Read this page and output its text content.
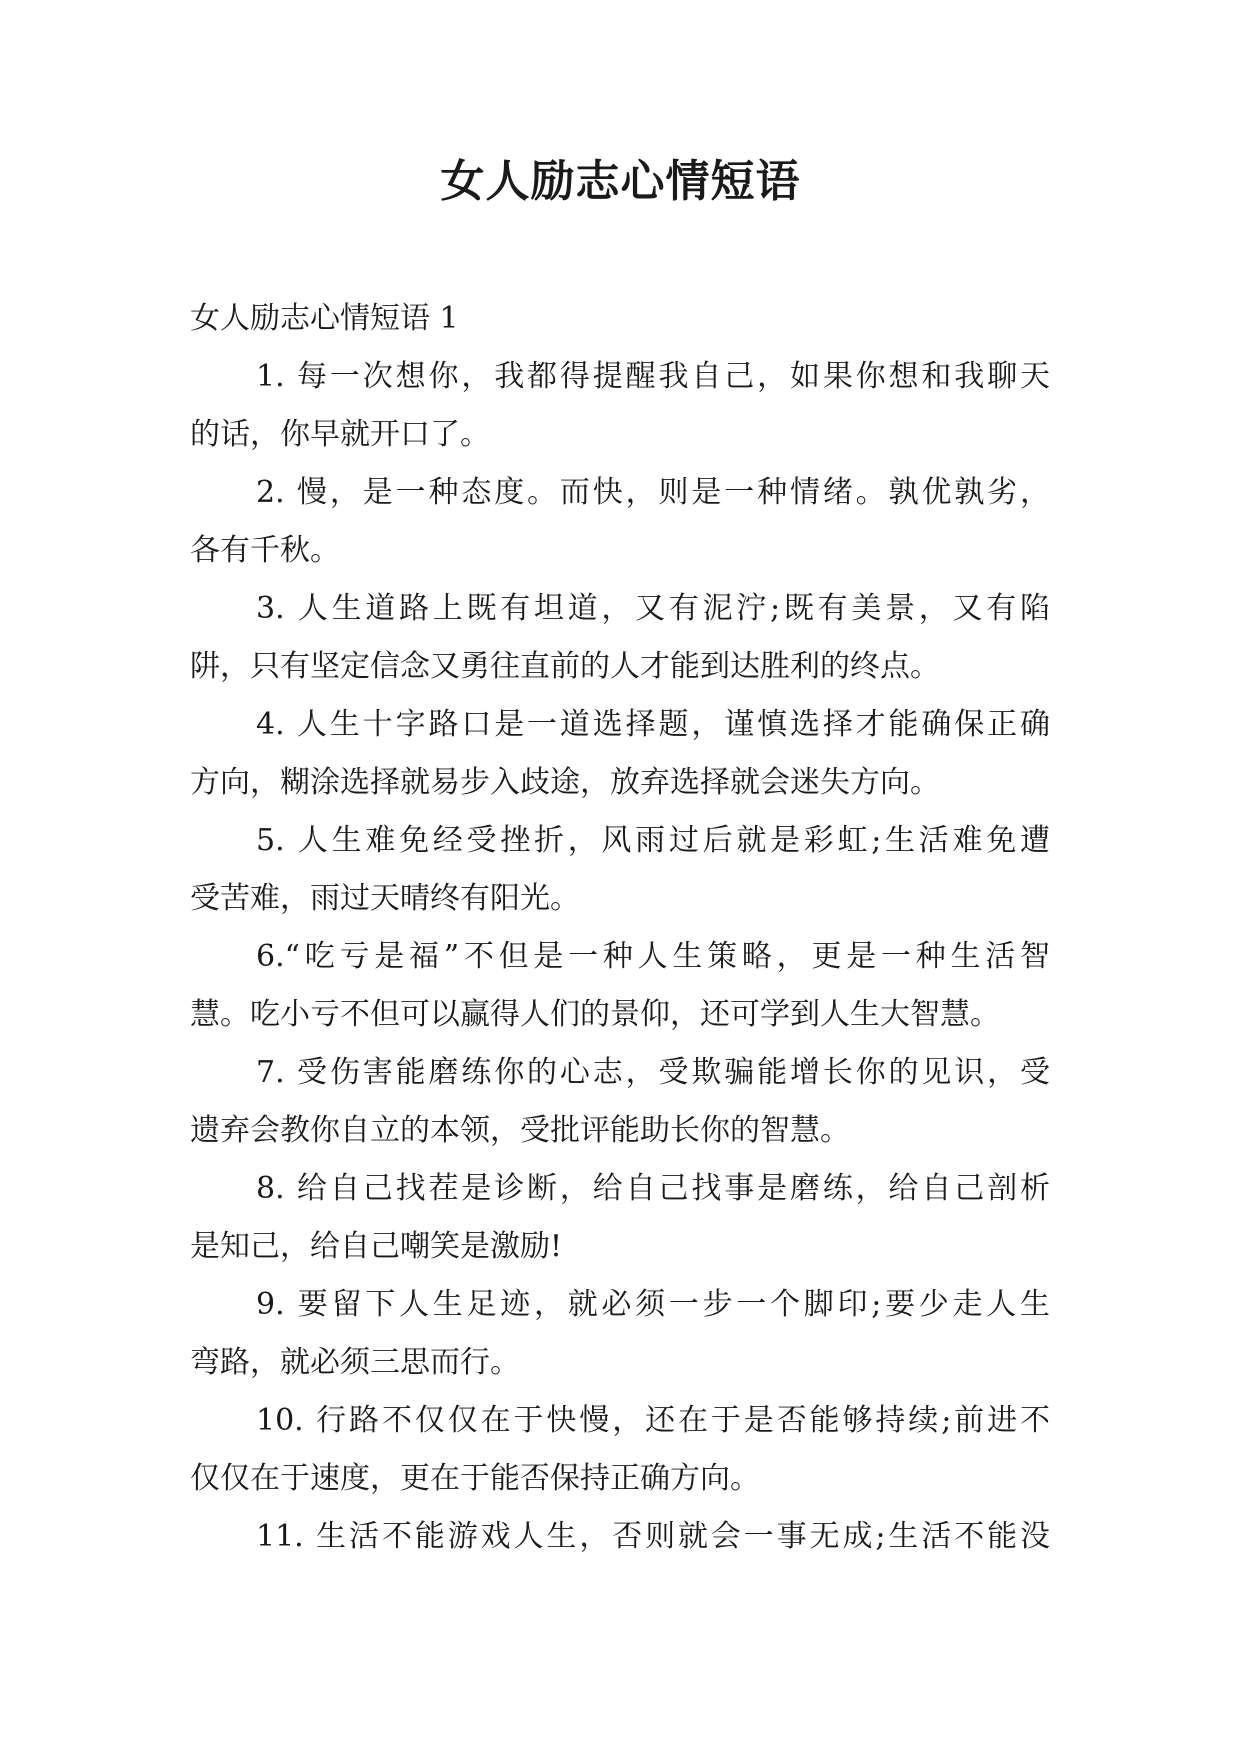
女人励志心情短语

女人励志心情短语 1

1. 每一次想你，我都得提醒我自己，如果你想和我聊天
的话，你早就开口了。

2. 慢，是一种态度。而快，则是一种情绪。孰优孰劣，
各有千秋。

3. 人生道路上既有坦道，又有泥泞;既有美景，又有陷
阱，只有坚定信念又勇往直前的人才能到达胜利的终点。

4. 人生十字路口是一道选择题，谨慎选择才能确保正确
方向，糊涂选择就易步入歧途，放弃选择就会迷失方向。

5. 人生难免经受挫折，风雨过后就是彩虹;生活难免遭
受苦难，雨过天晴终有阳光。

6.“吃亏是福”不但是一种人生策略，更是一种生活智
慧。吃小亏不但可以赢得人们的景仰，还可学到人生大智慧。

7. 受伤害能磨练你的心志，受欺骗能增长你的见识，受
遗弃会教你自立的本领，受批评能助长你的智慧。

8. 给自己找茬是诊断，给自己找事是磨练，给自己剖析
是知己，给自己嘲笑是激励!

9. 要留下人生足迹，就必须一步一个脚印;要少走人生
弯路，就必须三思而行。

10. 行路不仅仅在于快慢，还在于是否能够持续;前进不
仅仅在于速度，更在于能否保持正确方向。

11. 生活不能游戏人生，否则就会一事无成;生活不能没
